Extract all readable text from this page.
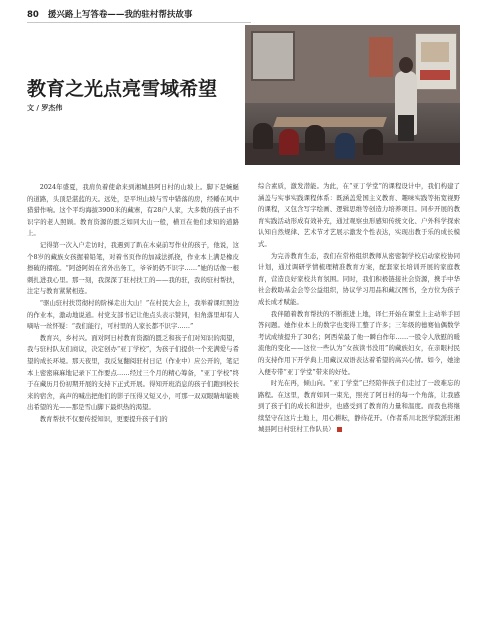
80 援兴路上写答卷——我的驻村帮扶故事
教育之光点亮雪域希望
文 / 罗杰伟

2024年盛夏，我肩负着使命来到湘城县阿日村的山坡上。脚下是蜿蜒的道路，头顶是湛蓝的天。远处，是平坦山坡与雪中错落的房，经幡在风中猎猎作响。这个平均海拔3900米的藏寨，有28户人家，大多数的孩子由不识字的老人照顾。教育资源的匮乏如同大山一般，横亘在他们求知的道路上。

记得第一次入户走访时，我遇到了趴在木桌前写作业的孩子，他说，这个8岁的藏族女孩握着铅笔，对着书页作的加减法抓挠，作业本上满是橡皮擦破的褶痕。“阿爸阿妈在省外出务工，爷爷奶奶不识字……”她的话像一根刺扎进我心里。那一刻，我深深了驻村扶工的——我的驻，我的驻村帮扶，注定与教育紧紧相连。

“驱山驻村扶贯彻村的阶梯走出大山！”在村民大会上，我举着课红照边的作业本，激动地说道。村党支部书记让他点头表示赞同，但角落里却有人嘀咕一丝怀疑：“我们能行，可村里的人家长都不识字……”

教育兴，乡村兴。面对阿日村教育资源的匮乏和孩子们对知识的渴望，我与驻村队友们商议，决定创办“亚丁学校”，为孩子们提供一个充满爱与希望的成长环境。那天夜里，我反复翻阅驻村日记（作业中）应公开的，笔记本上密密麻麻地记录下工作要点……经过三个月的精心筹备，“亚丁学校”终于在藏历月份初期开展的支持下正式开展。得知开班消息的孩子们跑到校长来的宿舍，高声的喊出把他们的影子压得又短又小，可那一双双眼睛却能映出希望的光——那是雪山脚下最炽热的渴望。

教育帮扶不仅要传授知识，更要提升孩子们的

综合素质，激发潜能。为此，在“亚丁学堂”的课程设计中，我们构建了涵盖与实事实践课程体系：既涵盖爱国主义教育、趣味实践等拓宽视野的课程，又包含写字绘画、逻辑思维等创造力培养项目。同步开展的教育实践活动形成有效补充，通过观察虫形感知传统文化、户外科学探索认知自然规律、艺术节才艺展示激发个性表达，实现出教于乐的成长模式。

为完善教育生态，我们在常格组织教师从密密制学校启动家校协同计划，通过调研学情梳理精准教育方案，配套家长培训开展的家庭教育，营造良好家校共育氛围。同时，我们积极链接社会资源，携手中华社会救助基金会等公益组织，协议学习用品和藏汉图书，全方位为孩子成长成才赋能。

我伴随着教育帮扶的不断推进上地，译仁开始在课堂上主动举手回答问题。她作业本上的数字也变得工整了许多；三年级的德赛仙偶数学考试成绩提升了30名；阿西荣最了他一瞬白作年……一股令人欣慰的暖流他的变化——这位一些认为“女孩读书没用”的藏族妇女，在亲眼村民的支持作用下开学典上用藏汉双语表达着希望的高兴心情。如今，她途入便专带“亚丁学堂”带来的好处。

时光在再，倾山向。“亚丁学堂”已经陪伴孩子们走过了一段难忘的路程。在这里，教育如同一束光，照亮了阿日村的每一个角落，让我感到了孩子们的成长和进步，也感受到了教育的力量和温度。而我也将继续坚守在这片土地上，用心耕耘，静待花开。（作者系川北医学院派驻湘城县阿日村驻村工作队员）
